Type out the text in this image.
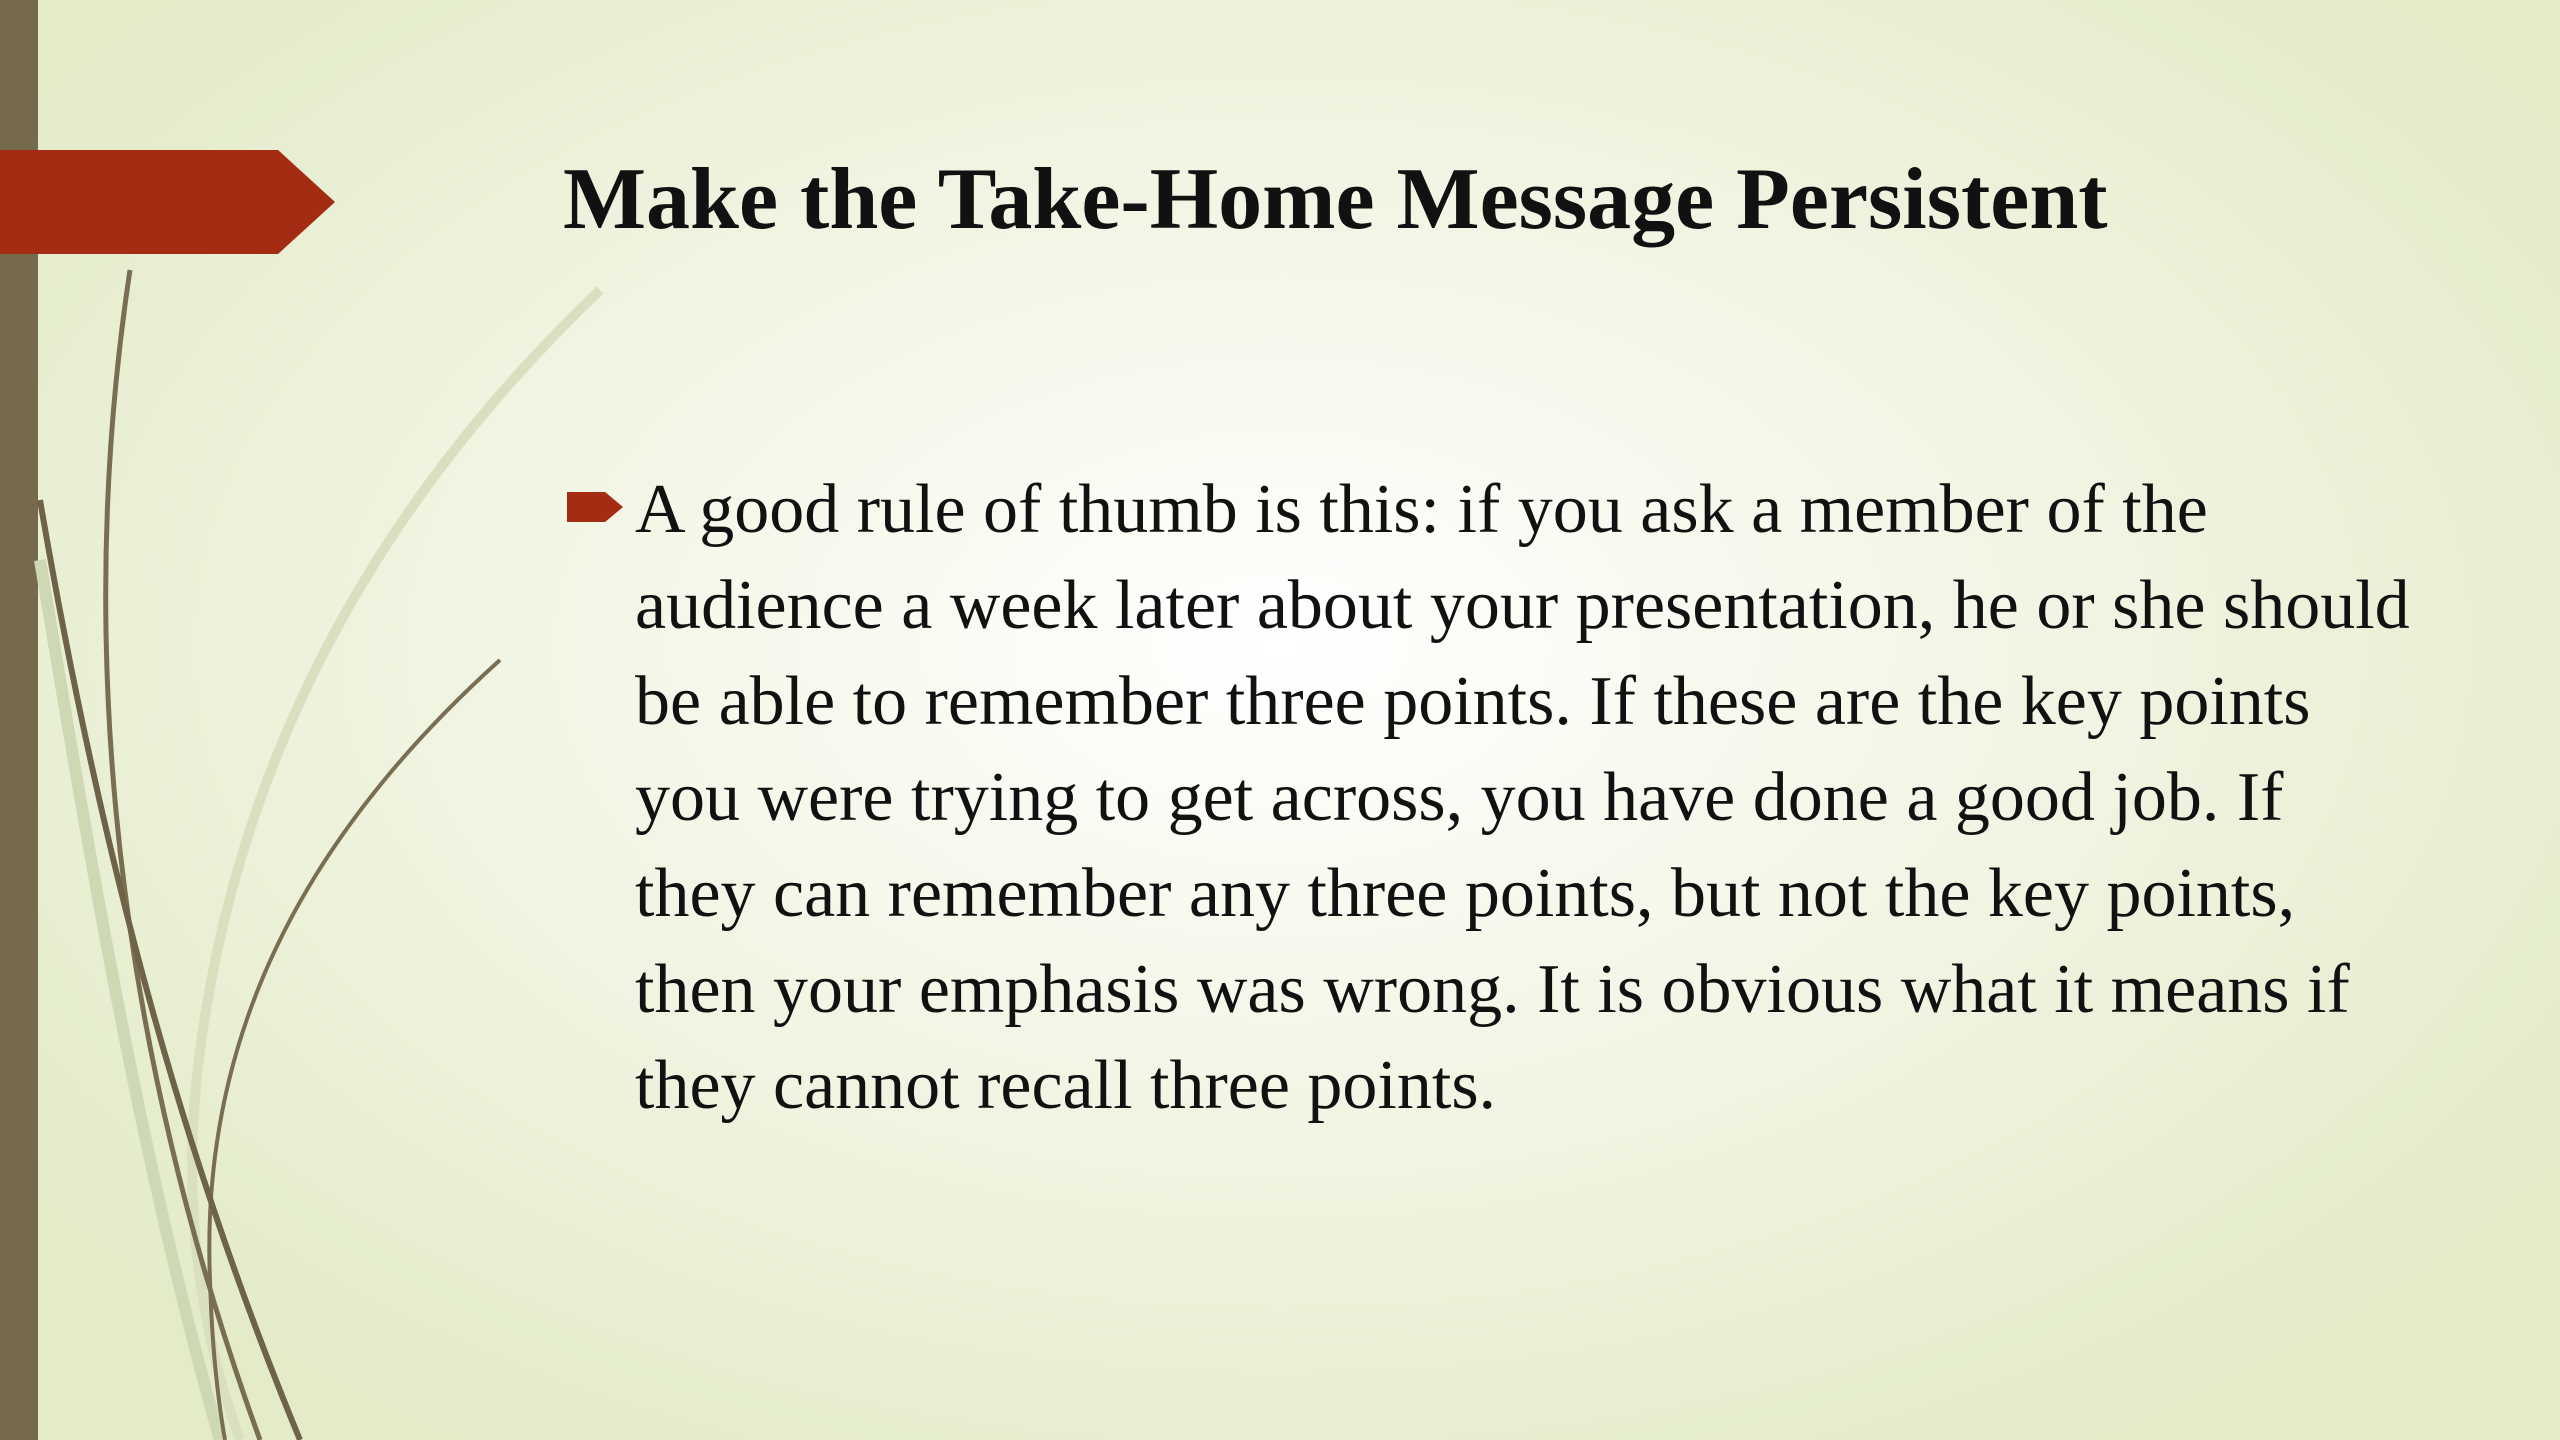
Make the Take-Home Message Persistent
A good rule of thumb is this: if you ask a member of the audience a week later about your presentation, he or she should be able to remember three points. If these are the key points you were trying to get across, you have done a good job. If they can remember any three points, but not the key points, then your emphasis was wrong. It is obvious what it means if they cannot recall three points.
